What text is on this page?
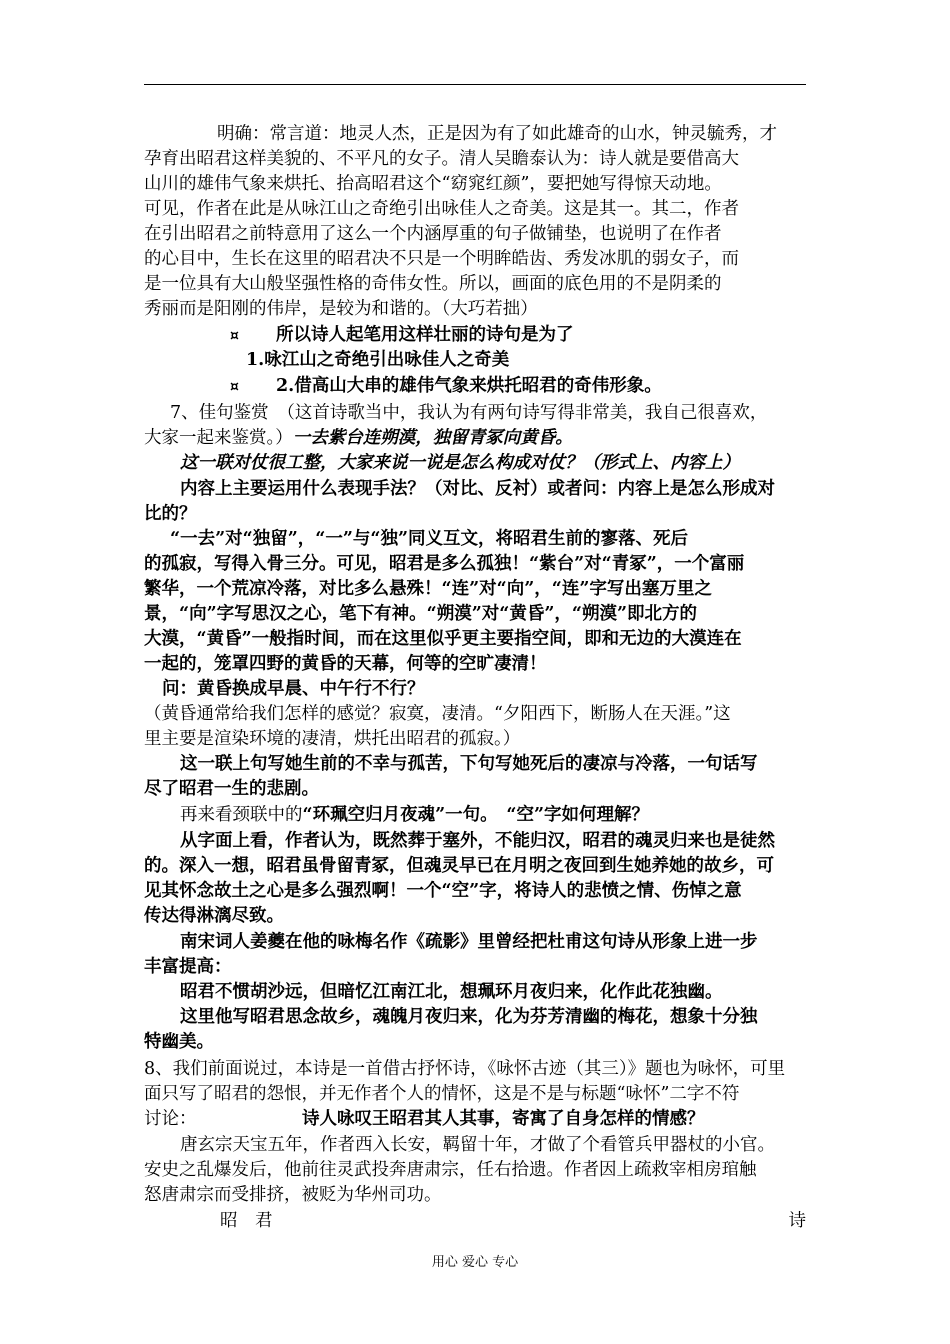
明确：常言道：地灵人杰，正是因为有了如此雄奇的山水，钟灵毓秀，才
孕育出昭君这样美貌的、不平凡的女子。清人吴瞻泰认为：诗人就是要借高大
山川的雄伟气象来烘托、抬高昭君这个“窈窕红颜”，要把她写得惊天动地。
可见，作者在此是从咏江山之奇绝引出咏佳人之奇美。这是其一。其二，作者
在引出昭君之前特意用了这么一个内涵厚重的句子做铺垫，也说明了在作者
的心目中，生长在这里的昭君决不只是一个明眸皓齿、秀发冰肌的弱女子，而
是一位具有大山般坚强性格的奇伟女性。所以，画面的底色用的不是阴柔的
秀丽而是阳刚的伟岸，是较为和谐的。（大巧若拙）
¤ 所以诗人起笔用这样壮丽的诗句是为了
1.咏江山之奇绝引出咏佳人之奇美
¤ 2.借高山大串的雄伟气象来烘托昭君的奇伟形象。
7、佳句鉴赏　（这首诗歌当中，我认为有两句诗写得非常美，我自己很喜欢，
大家一起来鉴赏。）一去紫台连朔漠，独留青冢向黄昏。
这一联对仗很工整，大家来说一说是怎么构成对仗？（形式上、内容上）
内容上主要运用什么表现手法？（对比、反衬）或者问：内容上是怎么形成对
比的？
“一去”对“独留”，“一”与“独”同义互文，将昭君生前的寥落、死后
的孤寂，写得入骨三分。可见，昭君是多么孤独！“紫台”对“青冢”，一个富丽
繁华，一个荒凉冷落，对比多么悬殊！“连”对“向”，“连”字写出塞万里之
景，“向”字写思汉之心，笔下有神。“朔漠”对“黄昏”，“朔漠”即北方的
大漠，“黄昏”一般指时间，而在这里似乎更主要指空间，即和无边的大漠连在
一起的，笼罩四野的黄昏的天幕，何等的空旷凄清！
问：黄昏换成早晨、中午行不行？
（黄昏通常给我们怎样的感觉？寂寞，凄清。“夕阳西下，断肠人在天涯。”这
里主要是渲染环境的凄清，烘托出昭君的孤寂。）
这一联上句写她生前的不幸与孤苦，下句写她死后的凄凉与冷落，一句话写
尽了昭君一生的悲剧。
再来看颈联中的“环珮空归月夜魂”一句。　“空”字如何理解？
从字面上看，作者认为，既然葬于塞外，不能归汉，昭君的魂灵归来也是徒然
的。深入一想，昭君虽骨留青冢，但魂灵早已在月明之夜回到生她养她的故乡，可
见其怀念故土之心是多么强烈啊！一个“空”字，将诗人的悲愤之情、伤悼之意
传达得淋漓尽致。
南宋词人姜夔在他的咏梅名作《疏影》里曾经把杜甫这句诗从形象上进一步
丰富提高：
昭君不惯胡沙远，但暗忆江南江北，想珮环月夜归来，化作此花独幽。
这里他写昭君思念故乡，魂魄月夜归来，化为芬芳清幽的梅花，想象十分独
特幽美。
8、我们前面说过，本诗是一首借古抒怀诗，《咏怀古迹（其三）》题也为咏怀，可里
面只写了昭君的怨恨，并无作者个人的情怀，这是不是与标题“咏怀”二字不符
讨论：	诗人咏叹王昭君其人其事，寄寓了自身怎样的情感？
唐玄宗天宝五年，作者西入长安，羁留十年，才做了个看管兵甲器杖的小官。
安史之乱爆发后，他前往灵武投奔唐肃宗，任右拾遗。作者因上疏救宰相房琯触
怒唐肃宗而受排挤，被贬为华州司功。
昭　君	诗
用心 爱心 专心
